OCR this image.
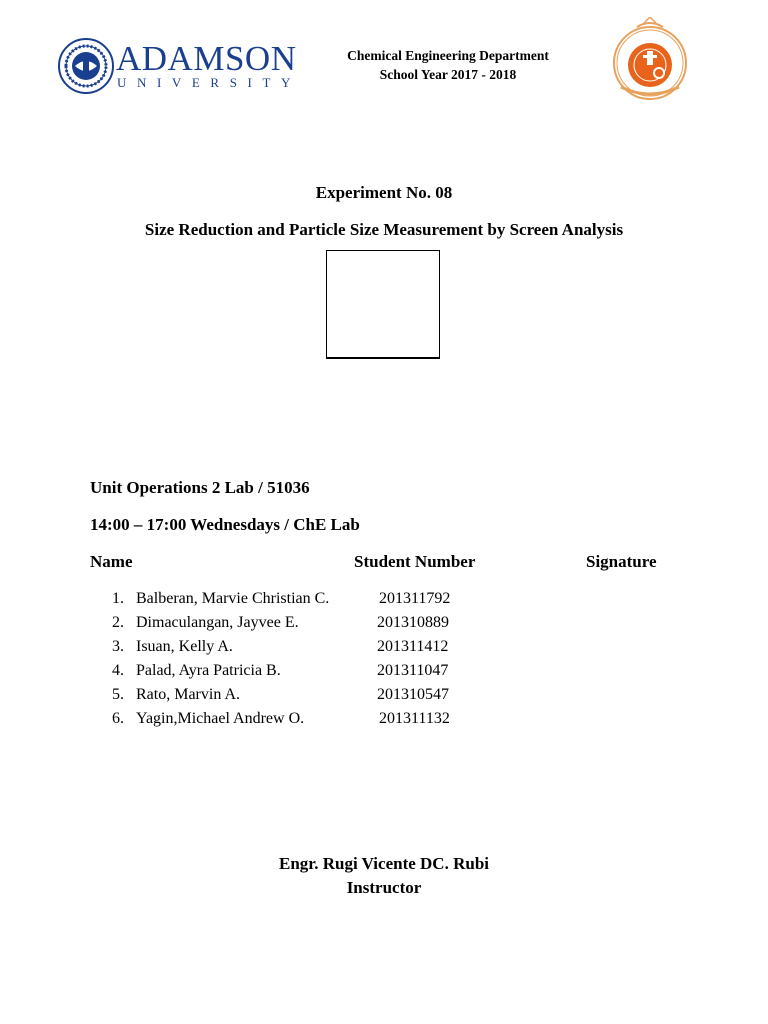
ADAMSON
UNIVERSITY
Chemical Engineering Department
School Year 2017 - 2018
Experiment No. 08
Size Reduction and Particle Size Measurement by Screen Analysis
Unit Operations 2 Lab / 51036
14:00 – 17:00 Wednesdays / ChE Lab
Name	Student Number	Signature
1. Balberan, Marvie Christian C.	201311792
2. Dimaculangan, Jayvee E.	201310889
3. Isuan, Kelly A.	201311412
4. Palad, Ayra Patricia B.	201311047
5. Rato, Marvin A.	201310547
6. Yagin,Michael Andrew O.	201311132
Engr. Rugi Vicente DC. Rubi
Instructor
